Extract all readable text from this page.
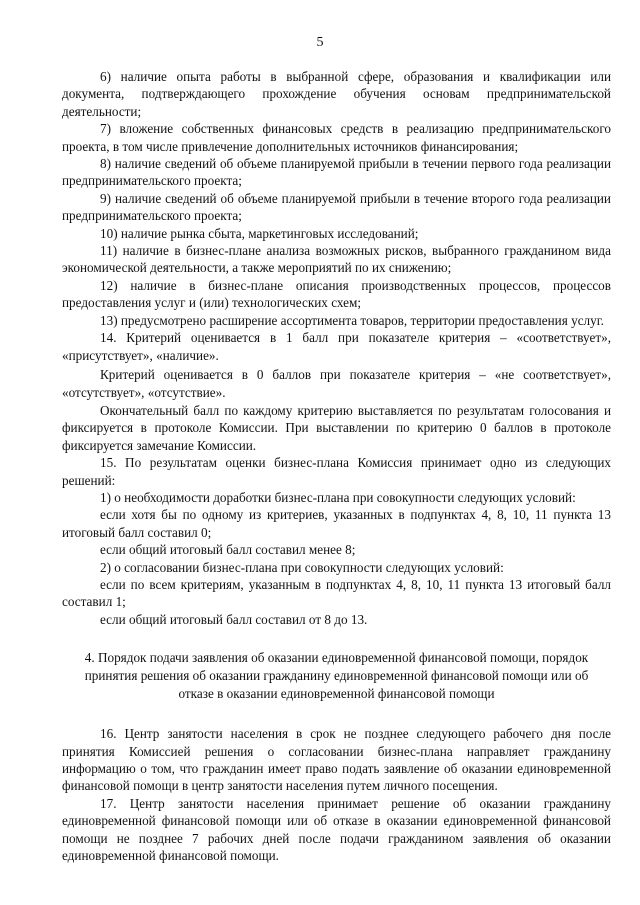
5

6) наличие опыта работы в выбранной сфере, образования и квалификации или документа, подтверждающего прохождение обучения основам предпринимательской деятельности;

7) вложение собственных финансовых средств в реализацию предпринимательского проекта, в том числе привлечение дополнительных источников финансирования;

8) наличие сведений об объеме планируемой прибыли в течении первого года реализации предпринимательского проекта;

9) наличие сведений об объеме планируемой прибыли в течение второго года реализации предпринимательского проекта;

10) наличие рынка сбыта, маркетинговых исследований;

11) наличие в бизнес-плане анализа возможных рисков, выбранного гражданином вида экономической деятельности, а также мероприятий по их снижению;

12) наличие в бизнес-плане описания производственных процессов, процессов предоставления услуг и (или) технологических схем;

13) предусмотрено расширение ассортимента товаров, территории предоставления услуг.

14. Критерий оценивается в 1 балл при показателе критерия – «соответствует», «присутствует», «наличие».

Критерий оценивается в 0 баллов при показателе критерия – «не соответствует», «отсутствует», «отсутствие».

Окончательный балл по каждому критерию выставляется по результатам голосования и фиксируется в протоколе Комиссии. При выставлении по критерию 0 баллов в протоколе фиксируется замечание Комиссии.

15. По результатам оценки бизнес-плана Комиссия принимает одно из следующих решений:

1) о необходимости доработки бизнес-плана при совокупности следующих условий:

если хотя бы по одному из критериев, указанных в подпунктах 4, 8, 10, 11 пункта 13 итоговый балл составил 0;

если общий итоговый балл составил менее 8;

2) о согласовании бизнес-плана при совокупности следующих условий:

если по всем критериям, указанным в подпунктах 4, 8, 10, 11 пункта 13 итоговый балл составил 1;

если общий итоговый балл составил от 8 до 13.

4. Порядок подачи заявления об оказании единовременной финансовой помощи, порядок
принятия решения об оказании гражданину единовременной финансовой помощи или об
отказе в оказании единовременной финансовой помощи

16. Центр занятости населения в срок не позднее следующего рабочего дня после принятия Комиссией решения о согласовании бизнес-плана направляет гражданину информацию о том, что гражданин имеет право подать заявление об оказании единовременной финансовой помощи в центр занятости населения путем личного посещения.

17. Центр занятости населения принимает решение об оказании гражданину единовременной финансовой помощи или об отказе в оказании единовременной финансовой помощи не позднее 7 рабочих дней после подачи гражданином заявления об оказании единовременной финансовой помощи.
